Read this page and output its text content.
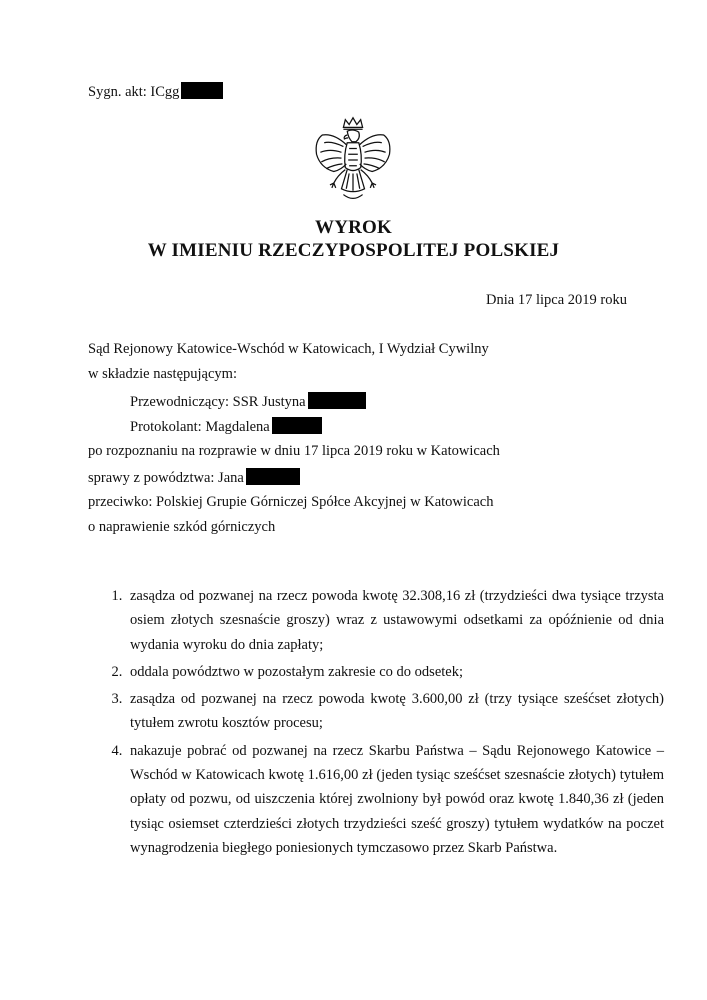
Sygn. akt: ICgg
WYROK
W IMIENIU RZECZYPOSPOLITEJ POLSKIEJ
Dnia 17 lipca 2019 roku
Sąd Rejonowy Katowice-Wschód w Katowicach, I Wydział Cywilny
w składzie następującym:
Przewodniczący: SSR Justyna
Protokolant: Magdalena
po rozpoznaniu na rozprawie w dniu 17 lipca 2019 roku w Katowicach
sprawy z powództwa: Jana
przeciwko: Polskiej Grupie Górniczej Spółce Akcyjnej w Katowicach
o naprawienie szkód górniczych
1. zasądza od pozwanej na rzecz powoda kwotę 32.308,16 zł (trzydzieści dwa tysiące trzysta osiem złotych szesnaście groszy) wraz z ustawowymi odsetkami za opóźnienie od dnia wydania wyroku do dnia zapłaty;
2. oddala powództwo w pozostałym zakresie co do odsetek;
3. zasądza od pozwanej na rzecz powoda kwotę 3.600,00 zł (trzy tysiące sześćset złotych) tytułem zwrotu kosztów procesu;
4. nakazuje pobrać od pozwanej na rzecz Skarbu Państwa – Sądu Rejonowego Katowice – Wschód w Katowicach kwotę 1.616,00 zł (jeden tysiąc sześćset szesnaście złotych) tytułem opłaty od pozwu, od uiszczenia której zwolniony był powód oraz kwotę 1.840,36 zł (jeden tysiąc osiemset czterdzieści złotych trzydzieści sześć groszy) tytułem wydatków na poczet wynagrodzenia biegłego poniesionych tymczasowo przez Skarb Państwa.
